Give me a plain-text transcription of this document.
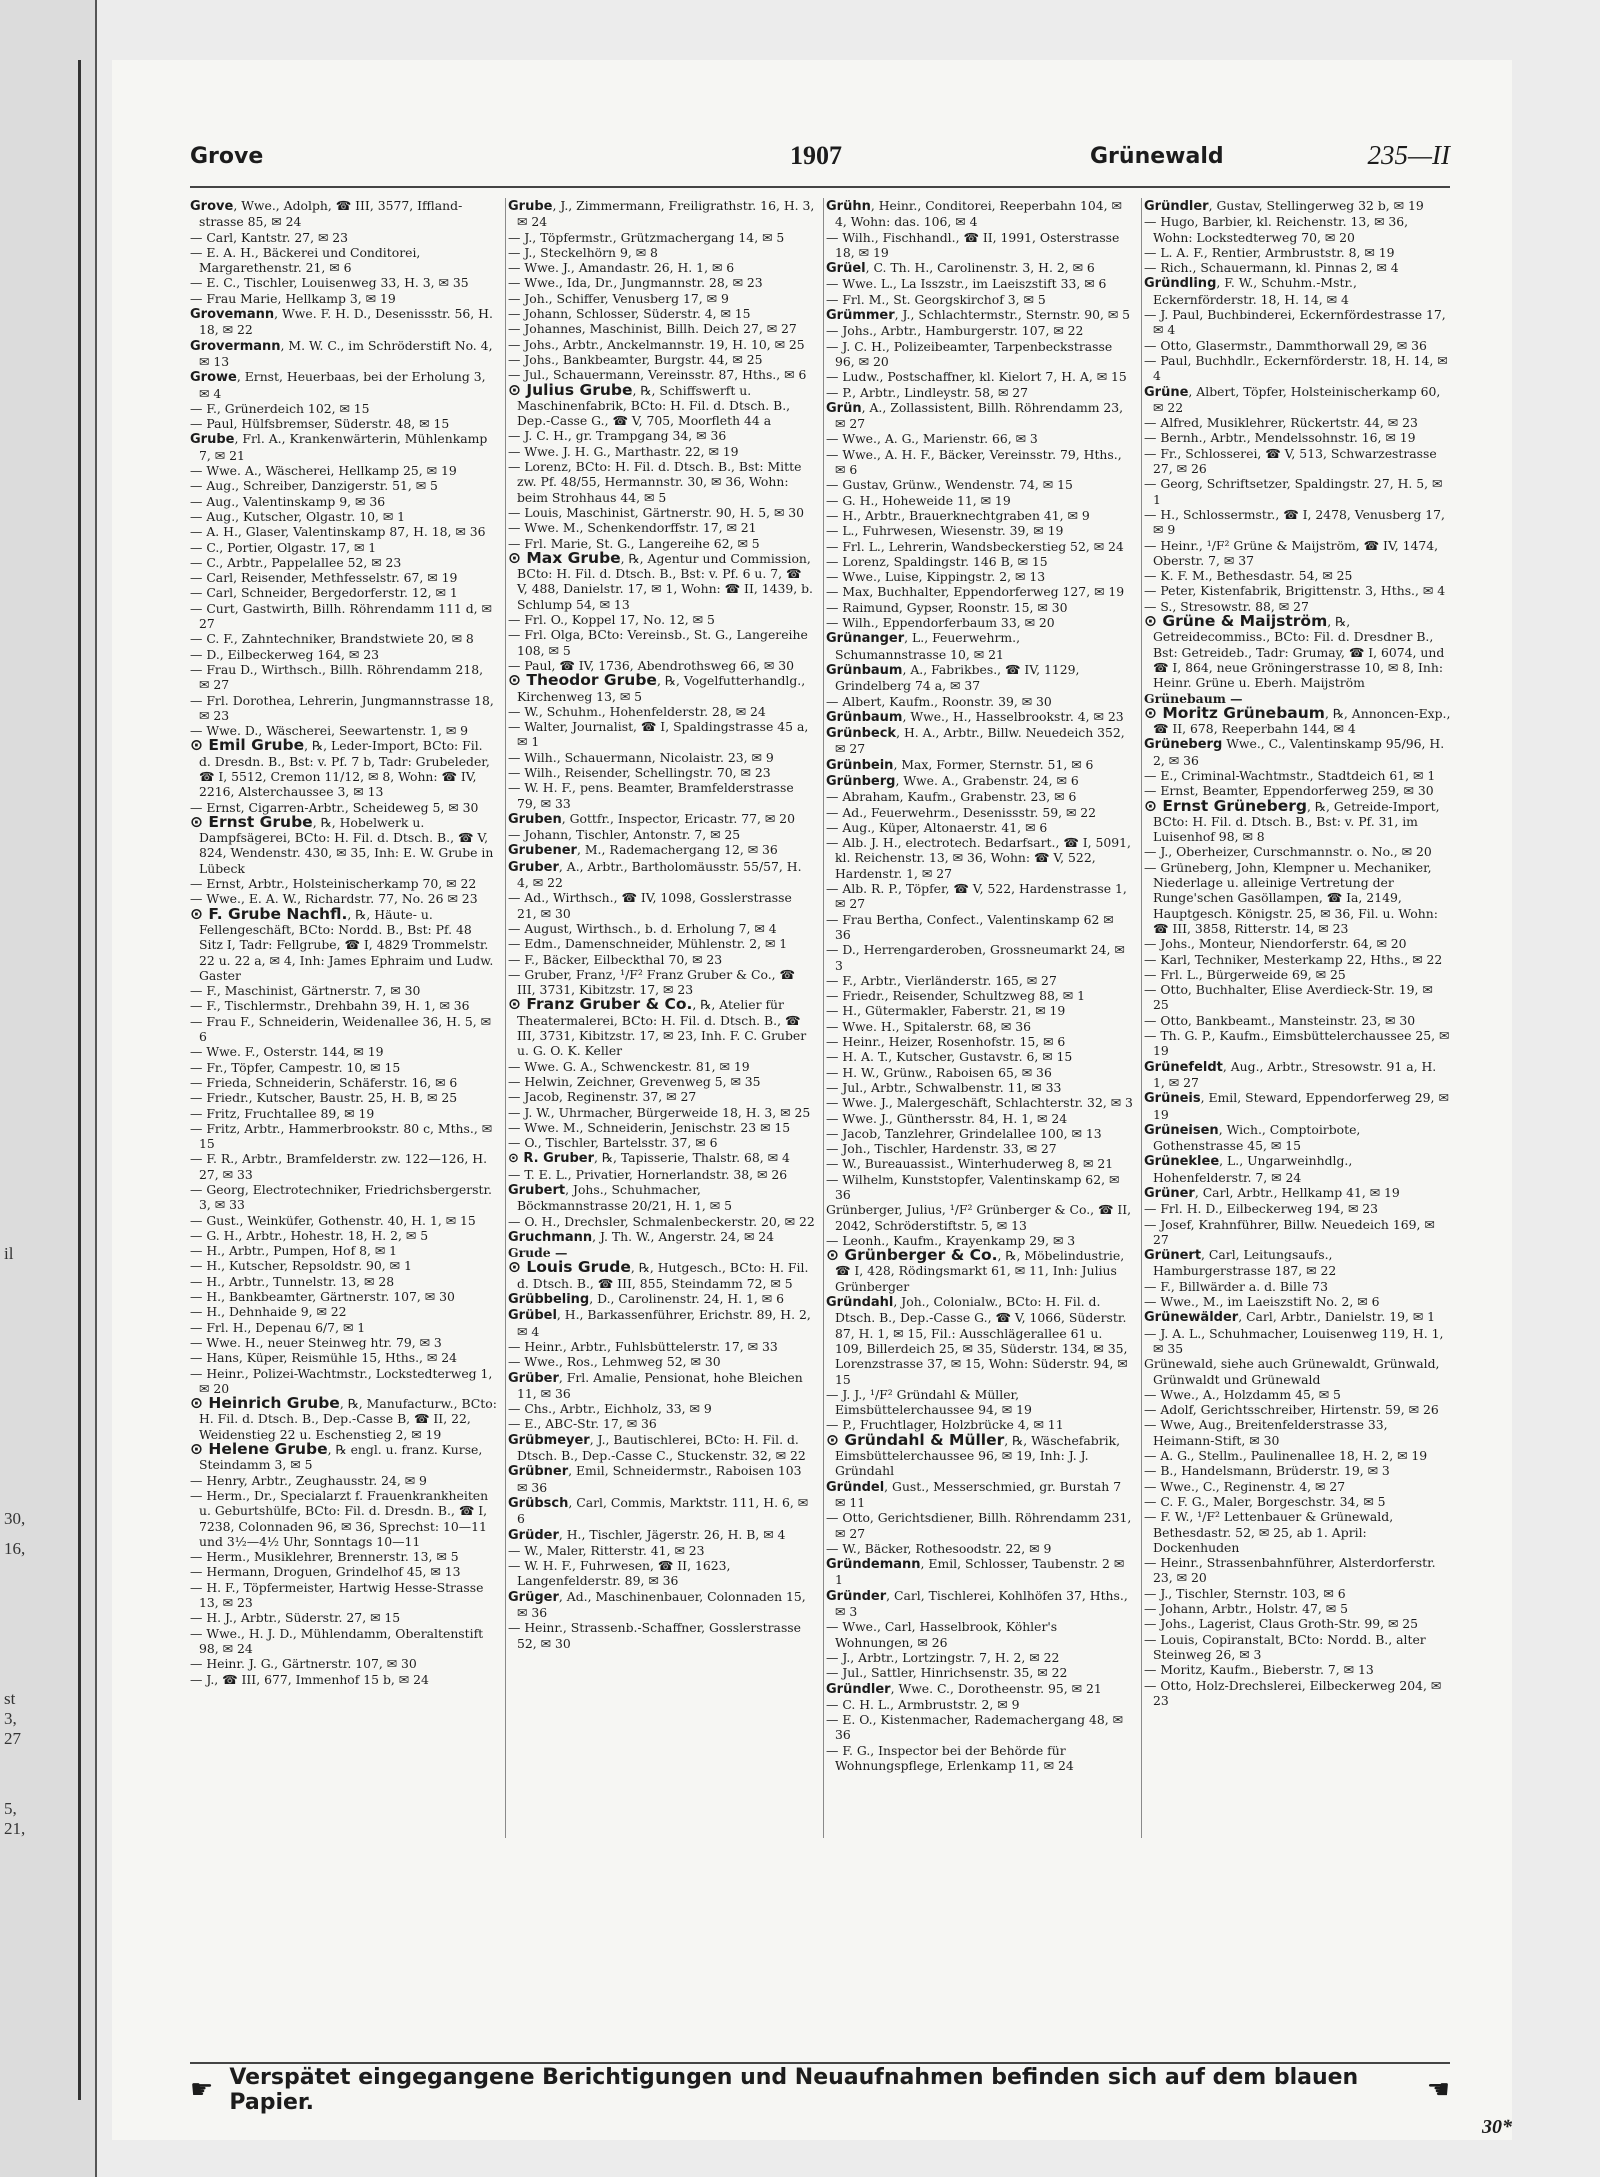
il
st
3,
27
5,
21,
16,
30,
Grove	1907	Grünewald	235—II

Grove, Wwe., Adolph, ☎ III, 3577, Iffland-strasse 85, ✉ 24

— Carl, Kantstr. 27, ✉ 23

— E. A. H., Bäckerei und Conditorei, Margarethenstr. 21, ✉ 6

— E. C., Tischler, Louisenweg 33, H. 3, ✉ 35

— Frau Marie, Hellkamp 3, ✉ 19

Grovemann, Wwe. F. H. D., Desenissstr. 56, H. 18, ✉ 22

Grovermann, M. W. C., im Schröderstift No. 4, ✉ 13

Growe, Ernst, Heuerbaas, bei der Erholung 3, ✉ 4

— F., Grünerdeich 102, ✉ 15

— Paul, Hülfsbremser, Süderstr. 48, ✉ 15

Grube, Frl. A., Krankenwärterin, Mühlenkamp 7, ✉ 21

— Wwe. A., Wäscherei, Hellkamp 25, ✉ 19

— Aug., Schreiber, Danzigerstr. 51, ✉ 5

— Aug., Valentinskamp 9, ✉ 36

— Aug., Kutscher, Olgastr. 10, ✉ 1

— A. H., Glaser, Valentinskamp 87, H. 18, ✉ 36

— C., Portier, Olgastr. 17, ✉ 1

— C., Arbtr., Pappelallee 52, ✉ 23

— Carl, Reisender, Methfesselstr. 67, ✉ 19

— Carl, Schneider, Bergedorferstr. 12, ✉ 1

— Curt, Gastwirth, Billh. Röhrendamm 111 d, ✉ 27

— C. F., Zahntechniker, Brandstwiete 20, ✉ 8

— D., Eilbeckerweg 164, ✉ 23

— Frau D., Wirthsch., Billh. Röhrendamm 218, ✉ 27

— Frl. Dorothea, Lehrerin, Jungmannstrasse 18, ✉ 23

— Wwe. D., Wäscherei, Seewartenstr. 1, ✉ 9

⊙ Emil Grube, ℞, Leder-Import, BCto: Fil. d. Dresdn. B., Bst: v. Pf. 7 b, Tadr: Grubeleder, ☎ I, 5512, Cremon 11/12, ✉ 8, Wohn: ☎ IV, 2216, Alsterchaussee 3, ✉ 13

— Ernst, Cigarren-Arbtr., Scheideweg 5, ✉ 30

⊙ Ernst Grube, ℞, Hobelwerk u. Dampfsägerei, BCto: H. Fil. d. Dtsch. B., ☎ V, 824, Wendenstr. 430, ✉ 35, Inh: E. W. Grube in Lübeck

— Ernst, Arbtr., Holsteinischerkamp 70, ✉ 22

— Wwe., E. A. W., Richardstr. 77, No. 26 ✉ 23

⊙ F. Grube Nachfl., ℞, Häute- u. Fellengeschäft, BCto: Nordd. B., Bst: Pf. 48 Sitz I, Tadr: Fellgrube, ☎ I, 4829 Trommelstr. 22 u. 22 a, ✉ 4, Inh: James Ephraim und Ludw. Gaster

— F., Maschinist, Gärtnerstr. 7, ✉ 30

— F., Tischlermstr., Drehbahn 39, H. 1, ✉ 36

— Frau F., Schneiderin, Weidenallee 36, H. 5, ✉ 6

— Wwe. F., Osterstr. 144, ✉ 19

— Fr., Töpfer, Campestr. 10, ✉ 15

— Frieda, Schneiderin, Schäferstr. 16, ✉ 6

— Friedr., Kutscher, Baustr. 25, H. B, ✉ 25

— Fritz, Fruchtallee 89, ✉ 19

— Fritz, Arbtr., Hammerbrookstr. 80 c, Mths., ✉ 15

— F. R., Arbtr., Bramfelderstr. zw. 122—126, H. 27, ✉ 33

— Georg, Electrotechniker, Friedrichsbergerstr. 3, ✉ 33

— Gust., Weinküfer, Gothenstr. 40, H. 1, ✉ 15

— G. H., Arbtr., Hohestr. 18, H. 2, ✉ 5

— H., Arbtr., Pumpen, Hof 8, ✉ 1

— H., Kutscher, Repsoldstr. 90, ✉ 1

— H., Arbtr., Tunnelstr. 13, ✉ 28

— H., Bankbeamter, Gärtnerstr. 107, ✉ 30

— H., Dehnhaide 9, ✉ 22

— Frl. H., Depenau 6/7, ✉ 1

— Wwe. H., neuer Steinweg htr. 79, ✉ 3

— Hans, Küper, Reismühle 15, Hths., ✉ 24

— Heinr., Polizei-Wachtmstr., Lockstedterweg 1, ✉ 20

⊙ Heinrich Grube, ℞, Manufacturw., BCto: H. Fil. d. Dtsch. B., Dep.-Casse B, ☎ II, 22, Weidenstieg 22 u. Eschenstieg 2, ✉ 19

⊙ Helene Grube, ℞ engl. u. franz. Kurse, Steindamm 3, ✉ 5

— Henry, Arbtr., Zeughausstr. 24, ✉ 9

— Herm., Dr., Specialarzt f. Frauenkrankheiten u. Geburtshülfe, BCto: Fil. d. Dresdn. B., ☎ I, 7238, Colonnaden 96, ✉ 36, Sprechst: 10—11 und 3½—4½ Uhr, Sonntags 10—11

— Herm., Musiklehrer, Brennerstr. 13, ✉ 5

— Hermann, Droguen, Grindelhof 45, ✉ 13

— H. F., Töpfermeister, Hartwig Hesse-Strasse 13, ✉ 23

— H. J., Arbtr., Süderstr. 27, ✉ 15

— Wwe., H. J. D., Mühlendamm, Oberaltenstift 98, ✉ 24

— Heinr. J. G., Gärtnerstr. 107, ✉ 30

— J., ☎ III, 677, Immenhof 15 b, ✉ 24

Grube, J., Zimmermann, Freiligrathstr. 16, H. 3, ✉ 24

— J., Töpfermstr., Grützmachergang 14, ✉ 5

— J., Steckelhörn 9, ✉ 8

— Wwe. J., Amandastr. 26, H. 1, ✉ 6

— Wwe., Ida, Dr., Jungmannstr. 28, ✉ 23

— Joh., Schiffer, Venusberg 17, ✉ 9

— Johann, Schlosser, Süderstr. 4, ✉ 15

— Johannes, Maschinist, Billh. Deich 27, ✉ 27

— Johs., Arbtr., Anckelmannstr. 19, H. 10, ✉ 25

— Johs., Bankbeamter, Burgstr. 44, ✉ 25

— Jul., Schauermann, Vereinsstr. 87, Hths., ✉ 6

⊙ Julius Grube, ℞, Schiffswerft u. Maschinenfabrik, BCto: H. Fil. d. Dtsch. B., Dep.-Casse G., ☎ V, 705, Moorfleth 44 a

— J. C. H., gr. Trampgang 34, ✉ 36

— Wwe. J. H. G., Marthastr. 22, ✉ 19

— Lorenz, BCto: H. Fil. d. Dtsch. B., Bst: Mitte zw. Pf. 48/55, Hermannstr. 30, ✉ 36, Wohn: beim Strohhaus 44, ✉ 5

— Louis, Maschinist, Gärtnerstr. 90, H. 5, ✉ 30

— Wwe. M., Schenkendorffstr. 17, ✉ 21

— Frl. Marie, St. G., Langereihe 62, ✉ 5

⊙ Max Grube, ℞, Agentur und Commission, BCto: H. Fil. d. Dtsch. B., Bst: v. Pf. 6 u. 7, ☎ V, 488, Danielstr. 17, ✉ 1, Wohn: ☎ II, 1439, b. Schlump 54, ✉ 13

— Frl. O., Koppel 17, No. 12, ✉ 5

— Frl. Olga, BCto: Vereinsb., St. G., Langereihe 108, ✉ 5

— Paul, ☎ IV, 1736, Abendrothsweg 66, ✉ 30

⊙ Theodor Grube, ℞, Vogelfutterhandlg., Kirchenweg 13, ✉ 5

— W., Schuhm., Hohenfelderstr. 28, ✉ 24

— Walter, Journalist, ☎ I, Spaldingstrasse 45 a, ✉ 1

— Wilh., Schauermann, Nicolaistr. 23, ✉ 9

— Wilh., Reisender, Schellingstr. 70, ✉ 23

— W. H. F., pens. Beamter, Bramfelderstrasse 79, ✉ 33

Gruben, Gottfr., Inspector, Ericastr. 77, ✉ 20

— Johann, Tischler, Antonstr. 7, ✉ 25

Grubener, M., Rademachergang 12, ✉ 36

Gruber, A., Arbtr., Bartholomäusstr. 55/57, H. 4, ✉ 22

— Ad., Wirthsch., ☎ IV, 1098, Gosslerstrasse 21, ✉ 30

— August, Wirthsch., b. d. Erholung 7, ✉ 4

— Edm., Damenschneider, Mühlenstr. 2, ✉ 1

— F., Bäcker, Eilbeckthal 70, ✉ 23

— Gruber, Franz, ¹/F² Franz Gruber & Co., ☎ III, 3731, Kibitzstr. 17, ✉ 23

⊙ Franz Gruber & Co., ℞, Atelier für Theatermalerei, BCto: H. Fil. d. Dtsch. B., ☎ III, 3731, Kibitzstr. 17, ✉ 23, Inh. F. C. Gruber u. G. O. K. Keller

— Wwe. G. A., Schwenckestr. 81, ✉ 19

— Helwin, Zeichner, Grevenweg 5, ✉ 35

— Jacob, Reginenstr. 37, ✉ 27

— J. W., Uhrmacher, Bürgerweide 18, H. 3, ✉ 25

— Wwe. M., Schneiderin, Jenischstr. 23 ✉ 15

— O., Tischler, Bartelsstr. 37, ✉ 6

⊙ R. Gruber, ℞, Tapisserie, Thalstr. 68, ✉ 4

— T. E. L., Privatier, Hornerlandstr. 38, ✉ 26

Grubert, Johs., Schuhmacher, Böckmannstrasse 20/21, H. 1, ✉ 5

— O. H., Drechsler, Schmalenbeckerstr. 20, ✉ 22

Gruchmann, J. Th. W., Angerstr. 24, ✉ 24

Grude —

⊙ Louis Grude, ℞, Hutgesch., BCto: H. Fil. d. Dtsch. B., ☎ III, 855, Steindamm 72, ✉ 5

Grübbeling, D., Carolinenstr. 24, H. 1, ✉ 6

Grübel, H., Barkassenführer, Erichstr. 89, H. 2, ✉ 4

— Heinr., Arbtr., Fuhlsbüttelerstr. 17, ✉ 33

— Wwe., Ros., Lehmweg 52, ✉ 30

Grüber, Frl. Amalie, Pensionat, hohe Bleichen 11, ✉ 36

— Chs., Arbtr., Eichholz, 33, ✉ 9

— E., ABC-Str. 17, ✉ 36

Grübmeyer, J., Bautischlerei, BCto: H. Fil. d. Dtsch. B., Dep.-Casse C., Stuckenstr. 32, ✉ 22

Grübner, Emil, Schneidermstr., Raboisen 103 ✉ 36

Grübsch, Carl, Commis, Marktstr. 111, H. 6, ✉ 6

Grüder, H., Tischler, Jägerstr. 26, H. B, ✉ 4

— W., Maler, Ritterstr. 41, ✉ 23

— W. H. F., Fuhrwesen, ☎ II, 1623, Langenfelderstr. 89, ✉ 36

Grüger, Ad., Maschinenbauer, Colonnaden 15, ✉ 36

— Heinr., Strassenb.-Schaffner, Gosslerstrasse 52, ✉ 30

Grühn, Heinr., Conditorei, Reeperbahn 104, ✉ 4, Wohn: das. 106, ✉ 4

— Wilh., Fischhandl., ☎ II, 1991, Osterstrasse 18, ✉ 19

Grüel, C. Th. H., Carolinenstr. 3, H. 2, ✉ 6

— Wwe. L., La Isszstr., im Laeiszstift 33, ✉ 6

— Frl. M., St. Georgskirchof 3, ✉ 5

Grümmer, J., Schlachtermstr., Sternstr. 90, ✉ 5

— Johs., Arbtr., Hamburgerstr. 107, ✉ 22

— J. C. H., Polizeibeamter, Tarpenbeckstrasse 96, ✉ 20

— Ludw., Postschaffner, kl. Kielort 7, H. A, ✉ 15

— P., Arbtr., Lindleystr. 58, ✉ 27

Grün, A., Zollassistent, Billh. Röhrendamm 23, ✉ 27

— Wwe., A. G., Marienstr. 66, ✉ 3

— Wwe., A. H. F., Bäcker, Vereinsstr. 79, Hths., ✉ 6

— Gustav, Grünw., Wendenstr. 74, ✉ 15

— G. H., Hoheweide 11, ✉ 19

— H., Arbtr., Brauerknechtgraben 41, ✉ 9

— L., Fuhrwesen, Wiesenstr. 39, ✉ 19

— Frl. L., Lehrerin, Wandsbeckerstieg 52, ✉ 24

— Lorenz, Spaldingstr. 146 B, ✉ 15

— Wwe., Luise, Kippingstr. 2, ✉ 13

— Max, Buchhalter, Eppendorferweg 127, ✉ 19

— Raimund, Gypser, Roonstr. 15, ✉ 30

— Wilh., Eppendorferbaum 33, ✉ 20

Grünanger, L., Feuerwehrm., Schumannstrasse 10, ✉ 21

Grünbaum, A., Fabrikbes., ☎ IV, 1129, Grindelberg 74 a, ✉ 37

— Albert, Kaufm., Roonstr. 39, ✉ 30

Grünbaum, Wwe., H., Hasselbrookstr. 4, ✉ 23

Grünbeck, H. A., Arbtr., Billw. Neuedeich 352, ✉ 27

Grünbein, Max, Former, Sternstr. 51, ✉ 6

Grünberg, Wwe. A., Grabenstr. 24, ✉ 6

— Abraham, Kaufm., Grabenstr. 23, ✉ 6

— Ad., Feuerwehrm., Desenissstr. 59, ✉ 22

— Aug., Küper, Altonaerstr. 41, ✉ 6

— Alb. J. H., electrotech. Bedarfsart., ☎ I, 5091, kl. Reichenstr. 13, ✉ 36, Wohn: ☎ V, 522, Hardenstr. 1, ✉ 27

— Alb. R. P., Töpfer, ☎ V, 522, Hardenstrasse 1, ✉ 27

— Frau Bertha, Confect., Valentinskamp 62 ✉ 36

— D., Herrengarderoben, Grossneumarkt 24, ✉ 3

— F., Arbtr., Vierländerstr. 165, ✉ 27

— Friedr., Reisender, Schultzweg 88, ✉ 1

— H., Gütermakler, Faberstr. 21, ✉ 19

— Wwe. H., Spitalerstr. 68, ✉ 36

— Heinr., Heizer, Rosenhofstr. 15, ✉ 6

— H. A. T., Kutscher, Gustavstr. 6, ✉ 15

— H. W., Grünw., Raboisen 65, ✉ 36

— Jul., Arbtr., Schwalbenstr. 11, ✉ 33

— Wwe. J., Malergeschäft, Schlachterstr. 32, ✉ 3

— Wwe. J., Günthersstr. 84, H. 1, ✉ 24

— Jacob, Tanzlehrer, Grindelallee 100, ✉ 13

— Joh., Tischler, Hardenstr. 33, ✉ 27

— W., Bureauassist., Winterhuderweg 8, ✉ 21

— Wilhelm, Kunststopfer, Valentinskamp 62, ✉ 36

Grünberger, Julius, ¹/F² Grünberger & Co., ☎ II, 2042, Schröderstiftstr. 5, ✉ 13

— Leonh., Kaufm., Krayenkamp 29, ✉ 3

⊙ Grünberger & Co., ℞, Möbelindustrie, ☎ I, 428, Rödingsmarkt 61, ✉ 11, Inh: Julius Grünberger

Gründahl, Joh., Colonialw., BCto: H. Fil. d. Dtsch. B., Dep.-Casse G., ☎ V, 1066, Süderstr. 87, H. 1, ✉ 15, Fil.: Ausschlägerallee 61 u. 109, Billerdeich 25, ✉ 35, Süderstr. 134, ✉ 35, Lorenzstrasse 37, ✉ 15, Wohn: Süderstr. 94, ✉ 15

— J. J., ¹/F² Gründahl & Müller, Eimsbüttelerchaussee 94, ✉ 19

— P., Fruchtlager, Holzbrücke 4, ✉ 11

⊙ Gründahl & Müller, ℞, Wäschefabrik, Eimsbüttelerchaussee 96, ✉ 19, Inh: J. J. Gründahl

Gründel, Gust., Messerschmied, gr. Burstah 7 ✉ 11

— Otto, Gerichtsdiener, Billh. Röhrendamm 231, ✉ 27

— W., Bäcker, Rothesoodstr. 22, ✉ 9

Gründemann, Emil, Schlosser, Taubenstr. 2 ✉ 1

Gründer, Carl, Tischlerei, Kohlhöfen 37, Hths., ✉ 3

— Wwe., Carl, Hasselbrook, Köhler's Wohnungen, ✉ 26

— J., Arbtr., Lortzingstr. 7, H. 2, ✉ 22

— Jul., Sattler, Hinrichsenstr. 35, ✉ 22

Gründler, Wwe. C., Dorotheenstr. 95, ✉ 21

— C. H. L., Armbruststr. 2, ✉ 9

— E. O., Kistenmacher, Rademachergang 48, ✉ 36

— F. G., Inspector bei der Behörde für Wohnungspflege, Erlenkamp 11, ✉ 24

Gründler, Gustav, Stellingerweg 32 b, ✉ 19

— Hugo, Barbier, kl. Reichenstr. 13, ✉ 36, Wohn: Lockstedterweg 70, ✉ 20

— L. A. F., Rentier, Armbruststr. 8, ✉ 19

— Rich., Schauermann, kl. Pinnas 2, ✉ 4

Gründling, F. W., Schuhm.-Mstr., Eckernförderstr. 18, H. 14, ✉ 4

— J. Paul, Buchbinderei, Eckernfördestrasse 17, ✉ 4

— Otto, Glasermstr., Dammthorwall 29, ✉ 36

— Paul, Buchhdlr., Eckernförderstr. 18, H. 14, ✉ 4

Grüne, Albert, Töpfer, Holsteinischerkamp 60, ✉ 22

— Alfred, Musiklehrer, Rückertstr. 44, ✉ 23

— Bernh., Arbtr., Mendelssohnstr. 16, ✉ 19

— Fr., Schlosserei, ☎ V, 513, Schwarzestrasse 27, ✉ 26

— Georg, Schriftsetzer, Spaldingstr. 27, H. 5, ✉ 1

— H., Schlossermstr., ☎ I, 2478, Venusberg 17, ✉ 9

— Heinr., ¹/F² Grüne & Maijström, ☎ IV, 1474, Oberstr. 7, ✉ 37

— K. F. M., Bethesdastr. 54, ✉ 25

— Peter, Kistenfabrik, Brigittenstr. 3, Hths., ✉ 4

— S., Stresowstr. 88, ✉ 27

⊙ Grüne & Maijström, ℞, Getreidecommiss., BCto: Fil. d. Dresdner B., Bst: Getreideb., Tadr: Grumay, ☎ I, 6074, und ☎ I, 864, neue Gröningerstrasse 10, ✉ 8, Inh: Heinr. Grüne u. Eberh. Maijström

Grünebaum —

⊙ Moritz Grünebaum, ℞, Annoncen-Exp., ☎ II, 678, Reeperbahn 144, ✉ 4

Grüneberg Wwe., C., Valentinskamp 95/96, H. 2, ✉ 36

— E., Criminal-Wachtmstr., Stadtdeich 61, ✉ 1

— Ernst, Beamter, Eppendorferweg 259, ✉ 30

⊙ Ernst Grüneberg, ℞, Getreide-Import, BCto: H. Fil. d. Dtsch. B., Bst: v. Pf. 31, im Luisenhof 98, ✉ 8

— J., Oberheizer, Curschmannstr. o. No., ✉ 20

— Grüneberg, John, Klempner u. Mechaniker, Niederlage u. alleinige Vertretung der Runge'schen Gasöllampen, ☎ Ia, 2149, Hauptgesch. Königstr. 25, ✉ 36, Fil. u. Wohn: ☎ III, 3858, Ritterstr. 14, ✉ 23

— Johs., Monteur, Niendorferstr. 64, ✉ 20

— Karl, Techniker, Mesterkamp 22, Hths., ✉ 22

— Frl. L., Bürgerweide 69, ✉ 25

— Otto, Buchhalter, Elise Averdieck-Str. 19, ✉ 25

— Otto, Bankbeamt., Mansteinstr. 23, ✉ 30

— Th. G. P., Kaufm., Eimsbüttelerchaussee 25, ✉ 19

Grünefeldt, Aug., Arbtr., Stresowstr. 91 a, H. 1, ✉ 27

Grüneis, Emil, Steward, Eppendorferweg 29, ✉ 19

Grüneisen, Wich., Comptoirbote, Gothenstrasse 45, ✉ 15

Grüneklee, L., Ungarweinhdlg., Hohenfelderstr. 7, ✉ 24

Grüner, Carl, Arbtr., Hellkamp 41, ✉ 19

— Frl. H. D., Eilbeckerweg 194, ✉ 23

— Josef, Krahnführer, Billw. Neuedeich 169, ✉ 27

Grünert, Carl, Leitungsaufs., Hamburgerstrasse 187, ✉ 22

— F., Billwärder a. d. Bille 73

— Wwe., M., im Laeiszstift No. 2, ✉ 6

Grünewälder, Carl, Arbtr., Danielstr. 19, ✉ 1

— J. A. L., Schuhmacher, Louisenweg 119, H. 1, ✉ 35

Grünewald, siehe auch Grünewaldt, Grünwald, Grünwaldt und Grünewald

— Wwe., A., Holzdamm 45, ✉ 5

— Adolf, Gerichtsschreiber, Hirtenstr. 59, ✉ 26

— Wwe, Aug., Breitenfelderstrasse 33, Heimann-Stift, ✉ 30

— A. G., Stellm., Paulinenallee 18, H. 2, ✉ 19

— B., Handelsmann, Brüderstr. 19, ✉ 3

— Wwe., C., Reginenstr. 4, ✉ 27

— C. F. G., Maler, Borgeschstr. 34, ✉ 5

— F. W., ¹/F² Lettenbauer & Grünewald, Bethesdastr. 52, ✉ 25, ab 1. April: Dockenhuden

— Heinr., Strassenbahnführer, Alsterdorferstr. 23, ✉ 20

— J., Tischler, Sternstr. 103, ✉ 6

— Johann, Arbtr., Holstr. 47, ✉ 5

— Johs., Lagerist, Claus Groth-Str. 99, ✉ 25

— Louis, Copiranstalt, BCto: Nordd. B., alter Steinweg 26, ✉ 3

— Moritz, Kaufm., Bieberstr. 7, ✉ 13

— Otto, Holz-Drechslerei, Eilbeckerweg 204, ✉ 23

☛ Verspätet eingegangene Berichtigungen und Neuaufnahmen befinden sich auf dem blauen Papier.	☚
30*
